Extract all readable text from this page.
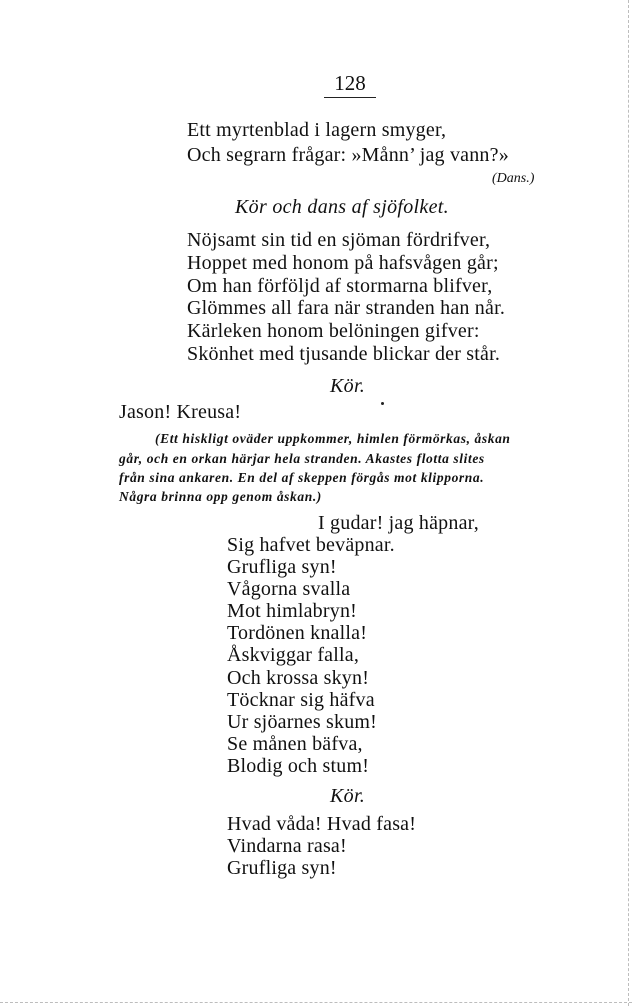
128
Ett myrtenblad i lagern smyger,
Och segrarn frågar: »Månn’ jag vann?»
(Dans.)
Kör och dans af sjöfolket.
Nöjsamt sin tid en sjöman fördrifver,
Hoppet med honom på hafsvågen går;
Om han förföljd af stormarna blifver,
Glömmes all fara när stranden han når.
Kärleken honom belöningen gifver:
Skönhet med tjusande blickar der står.
Kör.
Jason! Kreusa!
(Ett hiskligt oväder uppkommer, himlen förmörkas, åskan
går, och en orkan härjar hela stranden. Akastes flotta slites
från sina ankaren. En del af skeppen förgås mot klipporna.
Några brinna opp genom åskan.)
I gudar! jag häpnar,
Sig hafvet beväpnar.
Grufliga syn!
Vågorna svalla
Mot himlabryn!
Tordönen knalla!
Åskviggar falla,
Och krossa skyn!
Töcknar sig häfva
Ur sjöarnes skum!
Se månen bäfva,
Blodig och stum!
Kör.
Hvad våda! Hvad fasa!
Vindarna rasa!
Grufliga syn!
